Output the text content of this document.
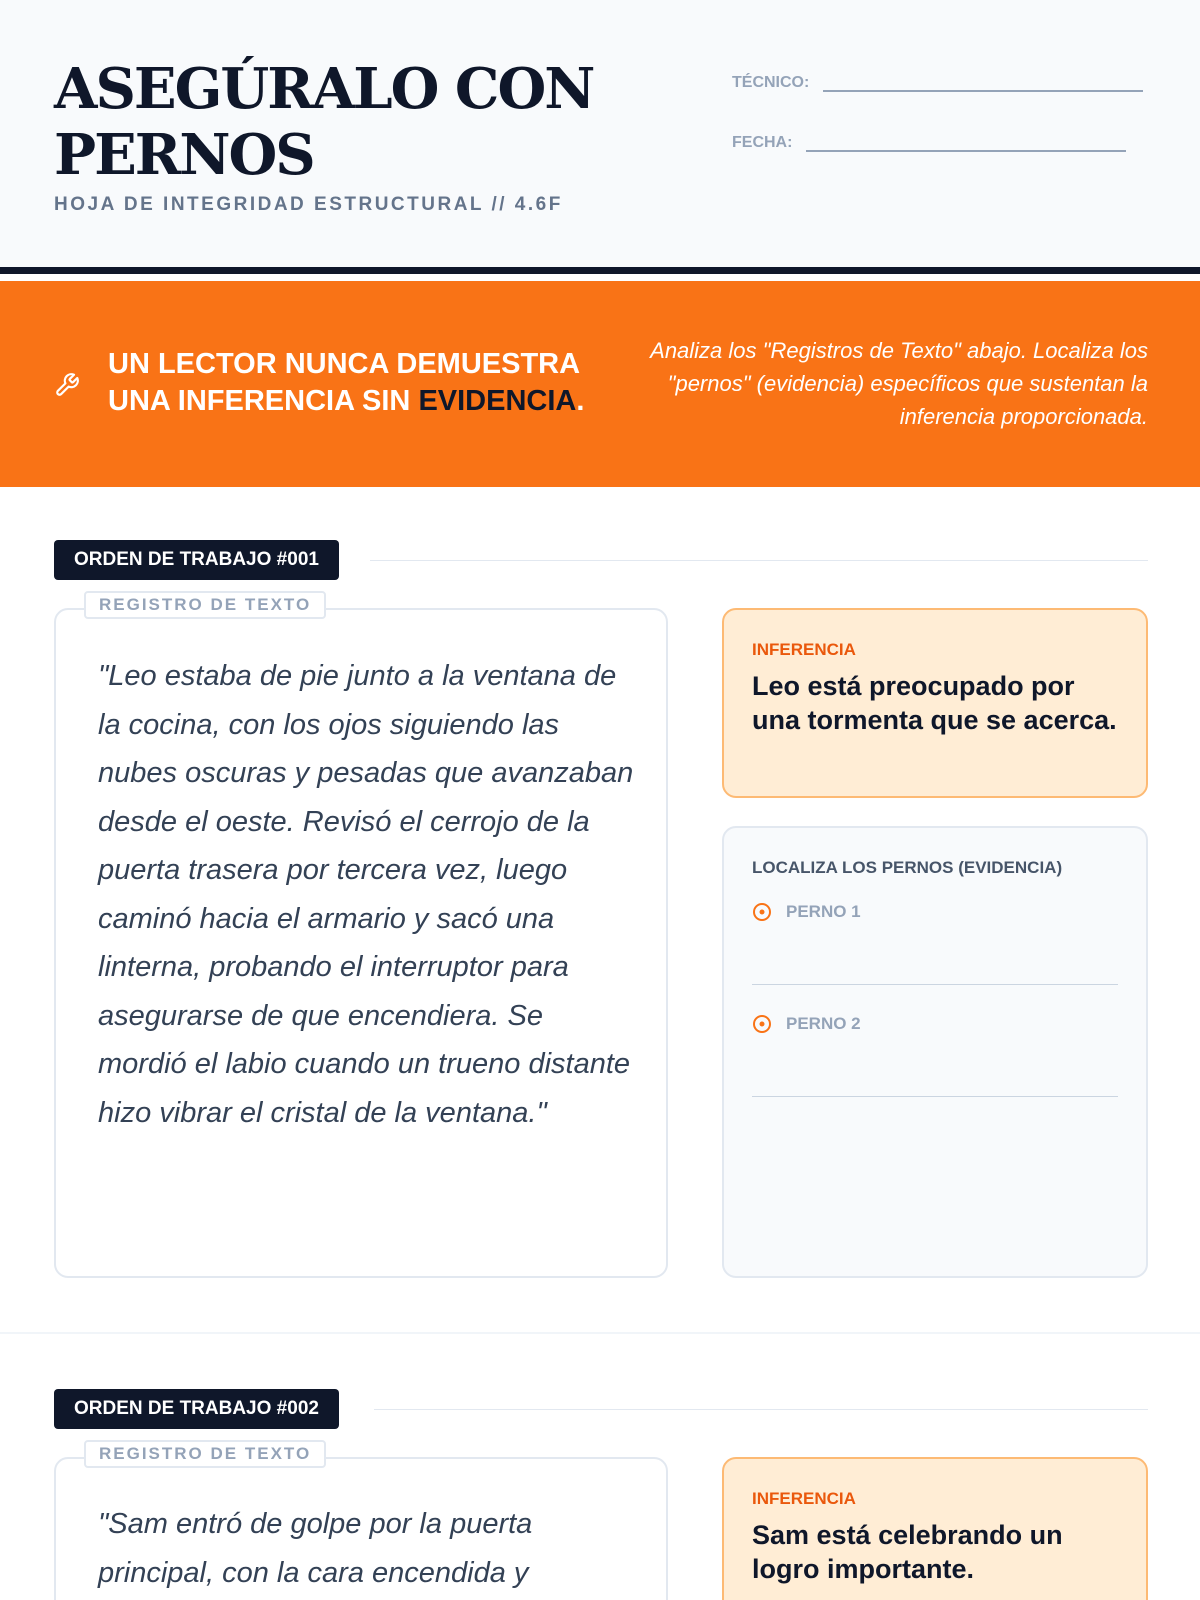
ASEGÚRALO CON
PERNOS
HOJA DE INTEGRIDAD ESTRUCTURAL // 4.6F
TÉCNICO:
FECHA:
UN LECTOR NUNCA DEMUESTRA UNA INFERENCIA SIN EVIDENCIA.
Analiza los "Registros de Texto" abajo. Localiza los "pernos" (evidencia) específicos que sustentan la inferencia proporcionada.
ORDEN DE TRABAJO #001
REGISTRO DE TEXTO
"Leo estaba de pie junto a la ventana de la cocina, con los ojos siguiendo las nubes oscuras y pesadas que avanzaban desde el oeste. Revisó el cerrojo de la puerta trasera por tercera vez, luego caminó hacia el armario y sacó una linterna, probando el interruptor para asegurarse de que encendiera. Se mordió el labio cuando un trueno distante hizo vibrar el cristal de la ventana."
INFERENCIA
Leo está preocupado por una tormenta que se acerca.
LOCALIZA LOS PERNOS (EVIDENCIA)
PERNO 1
PERNO 2
ORDEN DE TRABAJO #002
REGISTRO DE TEXTO
"Sam entró de golpe por la puerta principal, con la cara encendida y
INFERENCIA
Sam está celebrando un logro importante.
